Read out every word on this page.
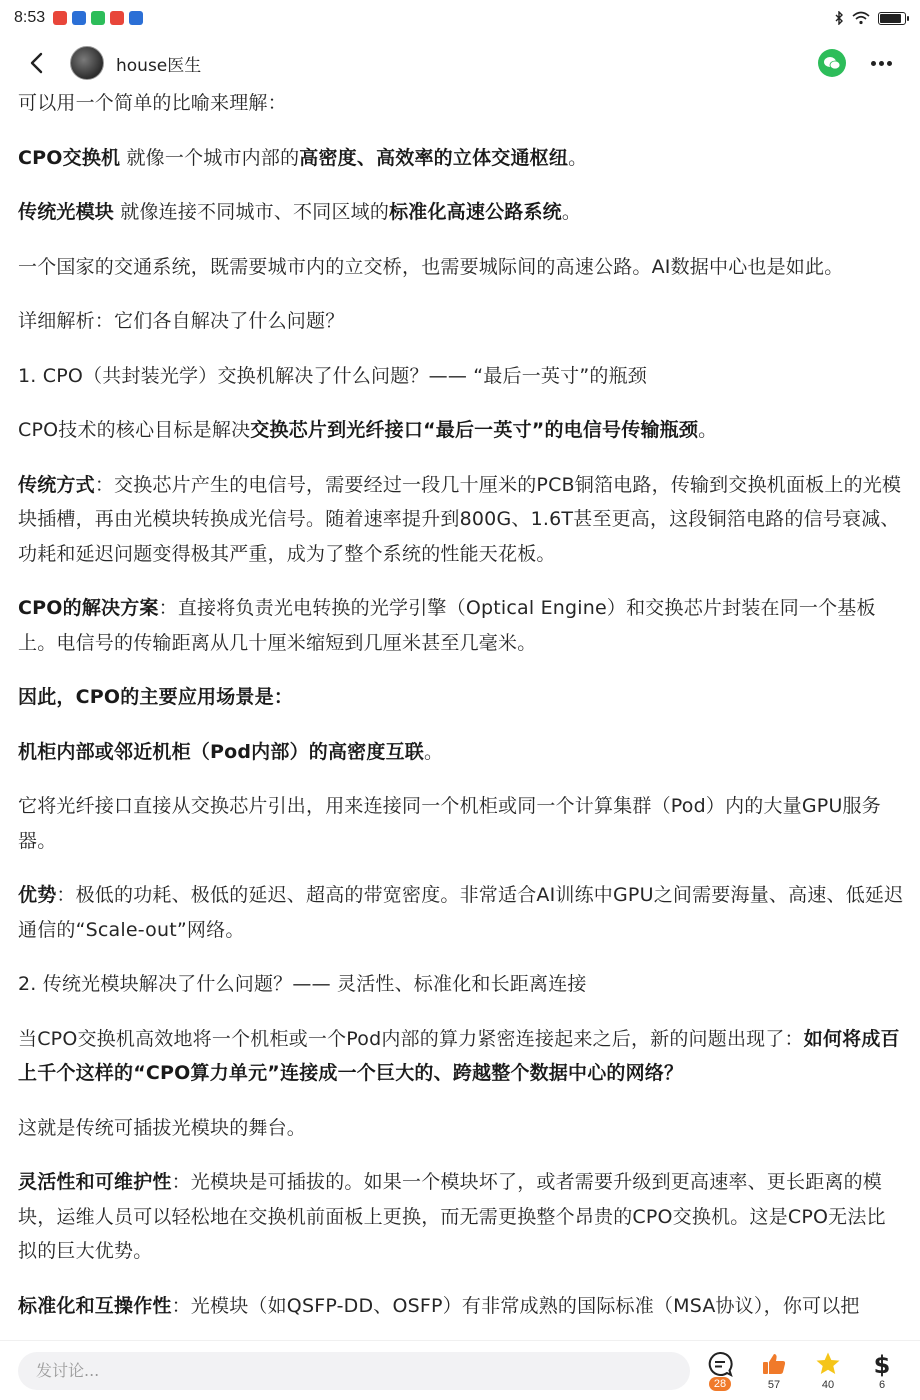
8:53
house医生

可以用一个简单的比喻来理解：

CPO交换机 就像一个城市内部的高密度、高效率的立体交通枢纽。

传统光模块 就像连接不同城市、不同区域的标准化高速公路系统。

一个国家的交通系统，既需要城市内的立交桥，也需要城际间的高速公路。AI数据中心也是如此。

详细解析：它们各自解决了什么问题？

1. CPO（共封装光学）交换机解决了什么问题？—— “最后一英寸”的瓶颈

CPO技术的核心目标是解决交换芯片到光纤接口“最后一英寸”的电信号传输瓶颈。

传统方式：交换芯片产生的电信号，需要经过一段几十厘米的PCB铜箔电路，传输到交换机面板上的光模块插槽，再由光模块转换成光信号。随着速率提升到800G、1.6T甚至更高，这段铜箔电路的信号衰减、功耗和延迟问题变得极其严重，成为了整个系统的性能天花板。

CPO的解决方案：直接将负责光电转换的光学引擎（Optical Engine）和交换芯片封装在同一个基板上。电信号的传输距离从几十厘米缩短到几厘米甚至几毫米。

因此，CPO的主要应用场景是：

机柜内部或邻近机柜（Pod内部）的高密度互联。

它将光纤接口直接从交换芯片引出，用来连接同一个机柜或同一个计算集群（Pod）内的大量GPU服务器。

优势：极低的功耗、极低的延迟、超高的带宽密度。非常适合AI训练中GPU之间需要海量、高速、低延迟通信的“Scale-out”网络。

2. 传统光模块解决了什么问题？—— 灵活性、标准化和长距离连接

当CPO交换机高效地将一个机柜或一个Pod内部的算力紧密连接起来之后，新的问题出现了：如何将成百上千个这样的“CPO算力单元”连接成一个巨大的、跨越整个数据中心的网络？

这就是传统可插拔光模块的舞台。

灵活性和可维护性：光模块是可插拔的。如果一个模块坏了，或者需要升级到更高速率、更长距离的模块，运维人员可以轻松地在交换机前面板上更换，而无需更换整个昂贵的CPO交换机。这是CPO无法比拟的巨大优势。

标准化和互操作性：光模块（如QSFP-DD、OSFP）有非常成熟的国际标准（MSA协议），你可以把

发讨论...
28	57	40
$
6
